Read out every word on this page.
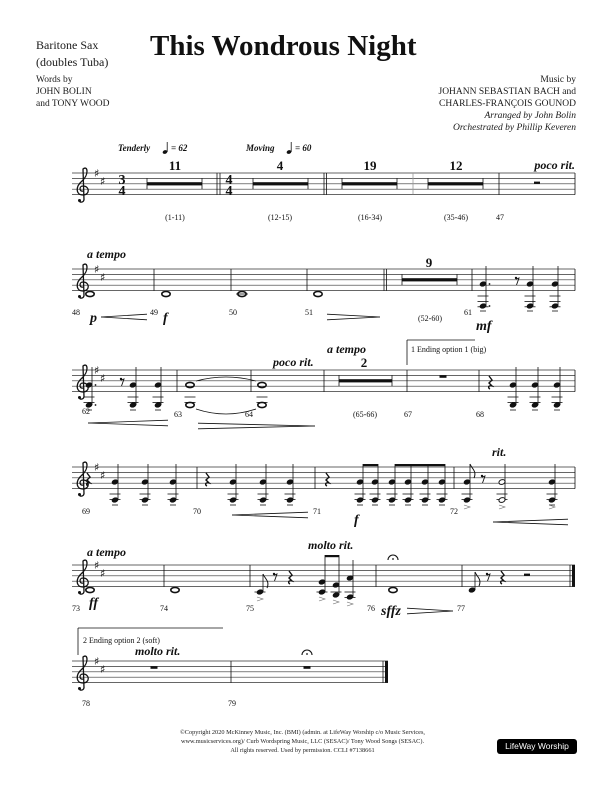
Baritone Sax
(doubles Tuba) This Wondrous Night
Words by
JOHN BOLIN
and TONY WOOD
Music by
JOHANN SEBASTIAN BACH and
CHARLES-FRANÇOIS GOUNOD
Arranged by John Bolin
Orchestrated by Phillip Keveren
♯
♯
♯
♯
♯
♯
♯
♯
♯
♯
♯
♯
Tenderly = 62	Moving = 60
3
4
4
4
11	4	19	12
(1-11)	(12-15)	(16-34)	(35-46)	47
poco rit.
a tempo
48 p	49 f	50	51
9
(52-60)
61
mf
62	63	64
poco rit.
a tempo
2
(65-66)
1 Ending option 1 (big)
67	68
69	70	71
f
72
rit.
a tempo
73 ff	74	75
molto rit.
76 sffz	77
2 Ending option 2 (soft)
molto rit.
78	79
©Copyright 2020 McKinney Music, Inc. (BMI) (admin. at LifeWay Worship c/o Music Services,
www.musicservices.org)/ Curb Wordspring Music, LLC (SESAC)/ Tony Wood Songs (SESAC).
All rights reserved. Used by permission. CCLI #7138661	LifeWay Worship
